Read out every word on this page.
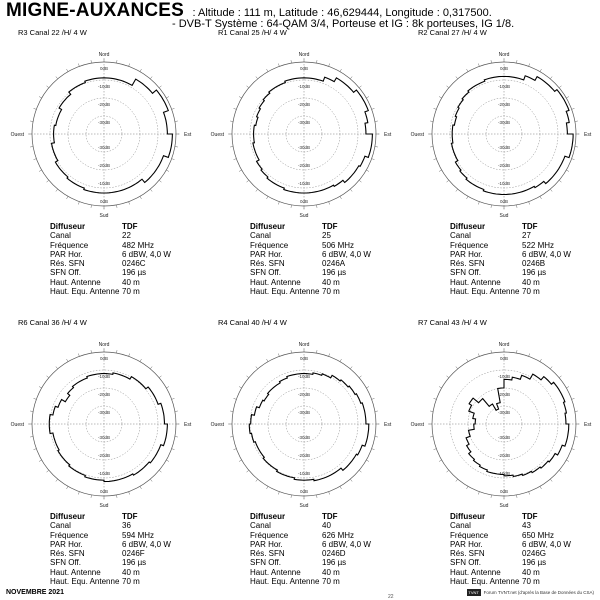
MIGNE-AUXANCES : Altitude : 111 m, Latitude : 46,629444, Longitude : 0,317500.
- DVB-T Système : 64-QAM 3/4, Porteuse et IG : 8k porteuses, IG 1/8.
R3 Canal 22 /H/ 4 W
0dB
0dB
-10dB
-10dB
-20dB
-20dB
-30dB
-30dB
Nord
Sud
Ouest	Est
Diffuseur	TDF
Canal	22
Fréquence	482 MHz
PAR Hor.	6 dBW, 4,0 W
Rés. SFN	0246C
SFN Off.	196 µs
Haut. Antenne	40 m
Haut. Equ. Antenne 70 m
R1 Canal 25 /H/ 4 W
0dB
0dB
-10dB
-10dB
-20dB
-20dB
-30dB
-30dB
Nord
Sud
Ouest	Est
Diffuseur	TDF
Canal	25
Fréquence	506 MHz
PAR Hor.	6 dBW, 4,0 W
Rés. SFN	0246A
SFN Off.	196 µs
Haut. Antenne	40 m
Haut. Equ. Antenne 70 m
R2 Canal 27 /H/ 4 W
0dB
0dB
-10dB
-10dB
-20dB
-20dB
-30dB
-30dB
Nord
Sud
Ouest	Est
Diffuseur	TDF
Canal	27
Fréquence	522 MHz
PAR Hor.	6 dBW, 4,0 W
Rés. SFN	0246B
SFN Off.	196 µs
Haut. Antenne	40 m
Haut. Equ. Antenne 70 m
R6 Canal 36 /H/ 4 W
0dB
0dB
-10dB
-10dB
-20dB
-20dB
-30dB
-30dB
Nord
Sud
Ouest	Est
Diffuseur	TDF
Canal	36
Fréquence	594 MHz
PAR Hor.	6 dBW, 4,0 W
Rés. SFN	0246F
SFN Off.	196 µs
Haut. Antenne	40 m
Haut. Equ. Antenne 70 m
R4 Canal 40 /H/ 4 W
0dB
0dB
-10dB
-10dB
-20dB
-20dB
-30dB
-30dB
Nord
Sud
Ouest	Est
Diffuseur	TDF
Canal	40
Fréquence	626 MHz
PAR Hor.	6 dBW, 4,0 W
Rés. SFN	0246D
SFN Off.	196 µs
Haut. Antenne	40 m
Haut. Equ. Antenne 70 m
R7 Canal 43 /H/ 4 W
0dB
0dB
-10dB
-10dB
-20dB
-20dB
-30dB
-30dB
Nord
Sud
Ouest	Est
Diffuseur	TDF
Canal	43
Fréquence	650 MHz
PAR Hor.	6 dBW, 4,0 W
Rés. SFN	0246G
SFN Off.	196 µs
Haut. Antenne	40 m
Haut. Equ. Antenne 70 m
NOVEMBRE 2021
22
TVNT	Forum TVNT.net (d'après la Base de Données du CSA)
